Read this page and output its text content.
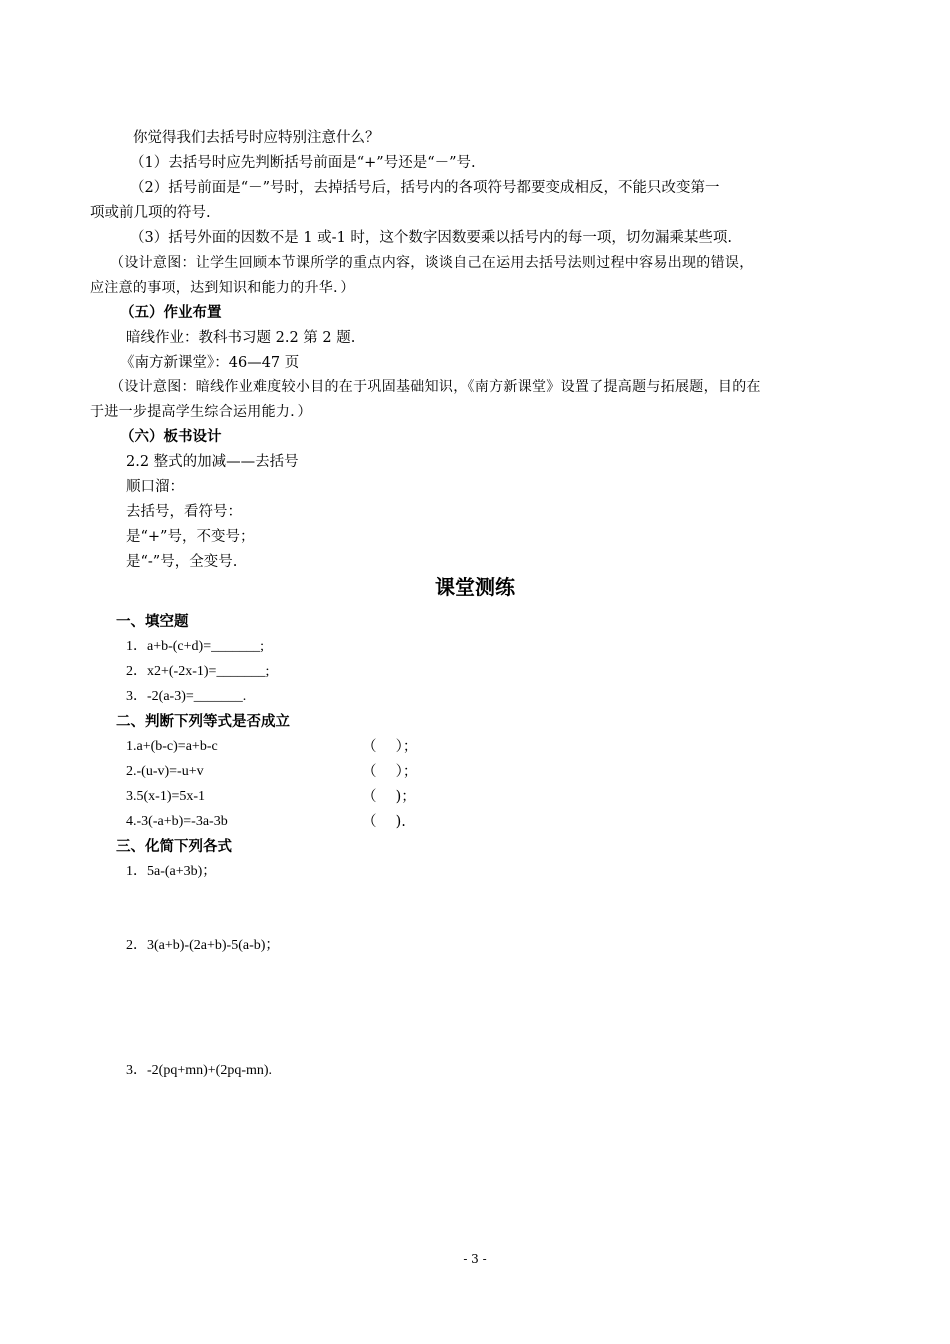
你觉得我们去括号时应特别注意什么？
（1）去括号时应先判断括号前面是“+”号还是“－”号.
（2）括号前面是“－”号时，去掉括号后，括号内的各项符号都要变成相反，不能只改变第一
项或前几项的符号.
（3）括号外面的因数不是 1 或-1 时，这个数字因数要乘以括号内的每一项，切勿漏乘某些项.
（设计意图：让学生回顾本节课所学的重点内容，谈谈自己在运用去括号法则过程中容易出现的错误，
应注意的事项，达到知识和能力的升华．）
（五）作业布置
暗线作业：教科书习题 2.2 第 2 题.
《南方新课堂》：46—47 页
（设计意图：暗线作业难度较小目的在于巩固基础知识，《南方新课堂》设置了提高题与拓展题，目的在
于进一步提高学生综合运用能力．）
（六）板书设计
2.2 整式的加减——去括号
顺口溜：
去括号，看符号：
是“+”号，不变号；
是“-”号，全变号.
课堂测练
一、填空题
1．a+b-(c+d)=_______;
2．x2+(-2x-1)=_______;
3．-2(a-3)=_______.
二、判断下列等式是否成立
1.a+(b-c)=a+b-c	（　 ）；
2.-(u-v)=-u+v	（　 ）；
3.5(x-1)=5x-1	（　 )；
4.-3(-a+b)=-3a-3b	（　 ).
三、化简下列各式
1．5a-(a+3b)；
2．3(a+b)-(2a+b)-5(a-b)；
3．-2(pq+mn)+(2pq-mn).
- 3 -
